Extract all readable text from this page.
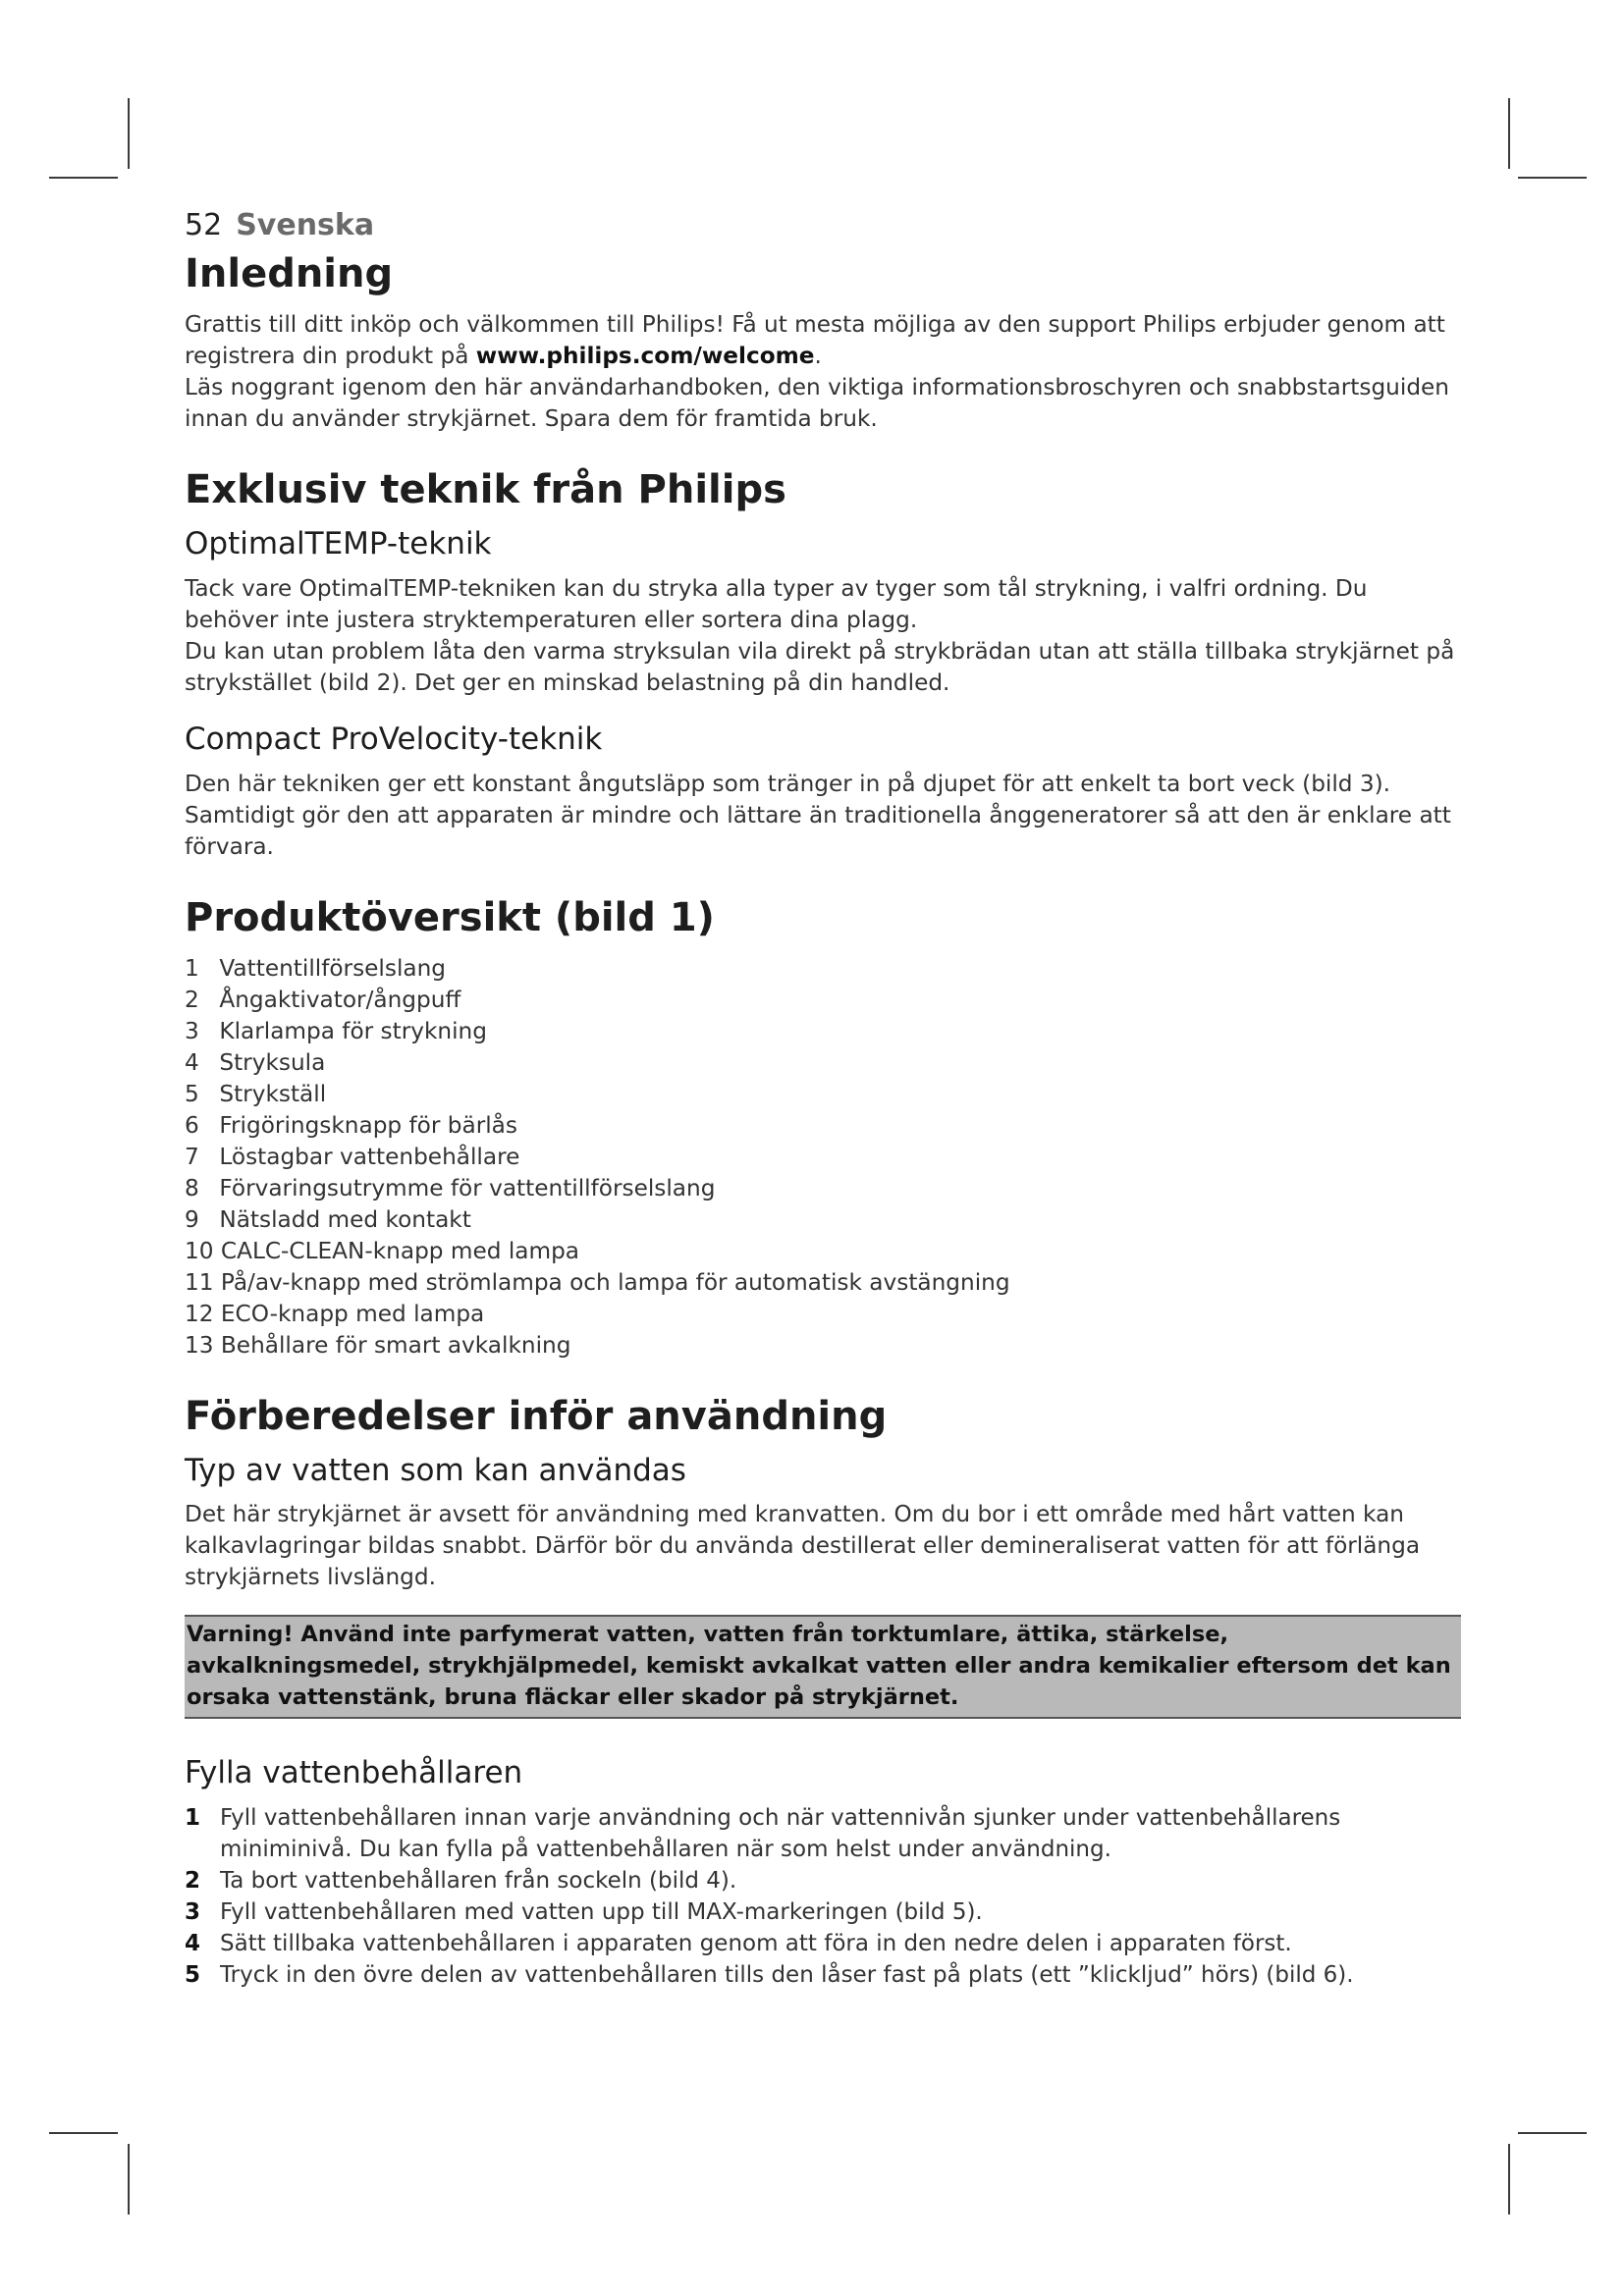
52 Svenska
Inledning

Grattis till ditt inköp och välkommen till Philips! Få ut mesta möjliga av den support Philips erbjuder genom att registrera din produkt på www.philips.com/welcome.

Läs noggrant igenom den här användarhandboken, den viktiga informationsbroschyren och snabbstartsguiden innan du använder strykjärnet. Spara dem för framtida bruk.

Exklusiv teknik från Philips
OptimalTEMP-teknik

Tack vare OptimalTEMP-tekniken kan du stryka alla typer av tyger som tål strykning, i valfri ordning. Du behöver inte justera stryktemperaturen eller sortera dina plagg.

Du kan utan problem låta den varma stryksulan vila direkt på strykbrädan utan att ställa tillbaka strykjärnet på strykstället (bild 2). Det ger en minskad belastning på din handled.

Compact ProVelocity-teknik

Den här tekniken ger ett konstant ångutsläpp som tränger in på djupet för att enkelt ta bort veck (bild 3). Samtidigt gör den att apparaten är mindre och lättare än traditionella ånggeneratorer så att den är enklare att förvara.

Produktöversikt (bild 1)
1 Vattentillförselslang
2 Ångaktivator/ångpuff
3 Klarlampa för strykning
4 Stryksula
5 Strykställ
6 Frigöringsknapp för bärlås
7 Löstagbar vattenbehållare
8 Förvaringsutrymme för vattentillförselslang
9 Nätsladd med kontakt
10 CALC-CLEAN-knapp med lampa
11 På/av-knapp med strömlampa och lampa för automatisk avstängning
12 ECO-knapp med lampa
13 Behållare för smart avkalkning
Förberedelser inför användning
Typ av vatten som kan användas

Det här strykjärnet är avsett för användning med kranvatten. Om du bor i ett område med hårt vatten kan kalkavlagringar bildas snabbt. Därför bör du använda destillerat eller demineraliserat vatten för att förlänga strykjärnets livslängd.

Varning! Använd inte parfymerat vatten, vatten från torktumlare, ättika, stärkelse, avkalkningsmedel, strykhjälpmedel, kemiskt avkalkat vatten eller andra kemikalier eftersom det kan orsaka vattenstänk, bruna fläckar eller skador på strykjärnet.
Fylla vattenbehållaren
1 Fyll vattenbehållaren innan varje användning och när vattennivån sjunker under vattenbehållarens miniminivå. Du kan fylla på vattenbehållaren när som helst under användning.
2 Ta bort vattenbehållaren från sockeln (bild 4).
3 Fyll vattenbehållaren med vatten upp till MAX-markeringen (bild 5).
4 Sätt tillbaka vattenbehållaren i apparaten genom att föra in den nedre delen i apparaten först.
5 Tryck in den övre delen av vattenbehållaren tills den låser fast på plats (ett ”klickljud” hörs) (bild 6).
